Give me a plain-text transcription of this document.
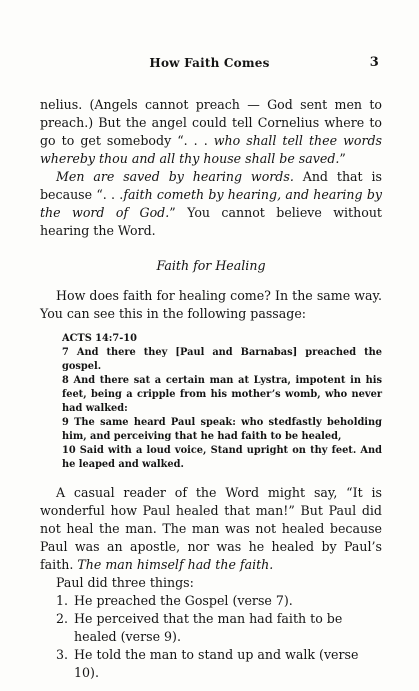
How Faith Comes	3

nelius. (Angels cannot preach — God sent men to preach.) But the angel could tell Cornelius where to go to get somebody “. . . who shall tell thee words whereby thou and all thy house shall be saved.”

Men are saved by hearing words. And that is because “. . .faith cometh by hearing, and hearing by the word of God.” You cannot believe without hearing the Word.

Faith for Healing

How does faith for healing come? In the same way. You can see this in the following passage:

ACTS 14:7-10
7 And there they [Paul and Barnabas] preached the gospel.
8 And there sat a certain man at Lystra, impotent in his feet, being a cripple from his mother’s womb, who never had walked:
9 The same heard Paul speak: who stedfastly beholding him, and perceiving that he had faith to be healed,
10 Said with a loud voice, Stand upright on thy feet. And he leaped and walked.

A casual reader of the Word might say, “It is wonderful how Paul healed that man!” But Paul did not heal the man. The man was not healed because Paul was an apostle, nor was he healed by Paul’s faith. The man himself had the faith.

Paul did three things:

1. He preached the Gospel (verse 7).
2. He perceived that the man had faith to be healed (verse 9).
3. He told the man to stand up and walk (verse 10).
